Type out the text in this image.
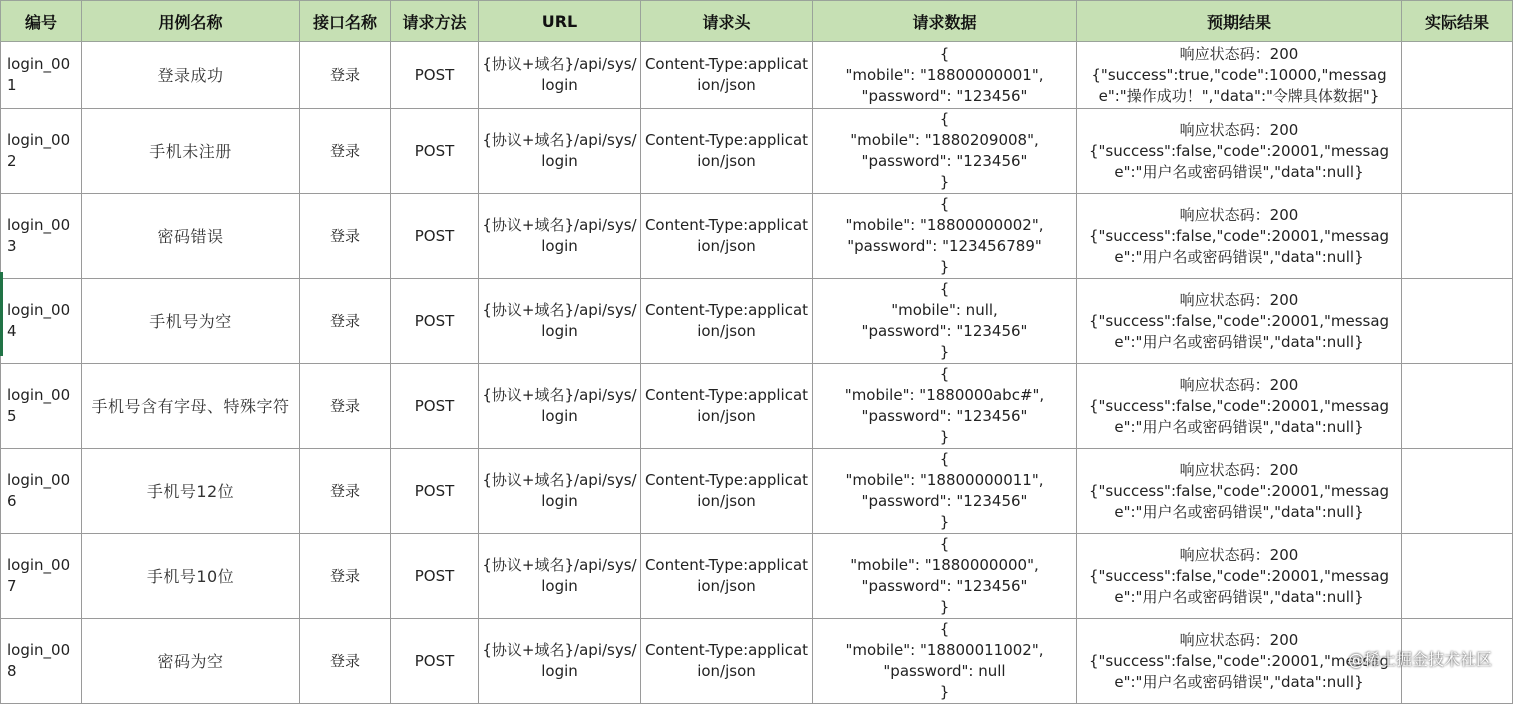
编号	用例名称	接口名称	请求方法	URL	请求头	请求数据	预期结果	实际结果
login_001	登录成功	登录	POST	{协议+域名}/api/sys/login	Content-Type:application/json	{
"mobile": "18800000001",
"password": "123456"	响应状态码：200
{"success":true,"code":10000,"message":"操作成功！","data":"令牌具体数据"}	
login_002	手机未注册	登录	POST	{协议+域名}/api/sys/login	Content-Type:application/json	{
"mobile": "1880209008",
"password": "123456"
}	响应状态码：200
{"success":false,"code":20001,"message":"用户名或密码错误","data":null}	
login_003	密码错误	登录	POST	{协议+域名}/api/sys/login	Content-Type:application/json	{
"mobile": "18800000002",
"password": "123456789"
}	响应状态码：200
{"success":false,"code":20001,"message":"用户名或密码错误","data":null}	
login_004	手机号为空	登录	POST	{协议+域名}/api/sys/login	Content-Type:application/json	{
"mobile": null,
"password": "123456"
}	响应状态码：200
{"success":false,"code":20001,"message":"用户名或密码错误","data":null}	
login_005	手机号含有字母、特殊字符	登录	POST	{协议+域名}/api/sys/login	Content-Type:application/json	{
"mobile": "1880000abc#",
"password": "123456"
}	响应状态码：200
{"success":false,"code":20001,"message":"用户名或密码错误","data":null}	
login_006	手机号12位	登录	POST	{协议+域名}/api/sys/login	Content-Type:application/json	{
"mobile": "18800000011",
"password": "123456"
}	响应状态码：200
{"success":false,"code":20001,"message":"用户名或密码错误","data":null}	
login_007	手机号10位	登录	POST	{协议+域名}/api/sys/login	Content-Type:application/json	{
"mobile": "1880000000",
"password": "123456"
}	响应状态码：200
{"success":false,"code":20001,"message":"用户名或密码错误","data":null}	
login_008	密码为空	登录	POST	{协议+域名}/api/sys/login	Content-Type:application/json	{
"mobile": "18800011002",
"password": null
}	响应状态码：200
{"success":false,"code":20001,"message":"用户名或密码错误","data":null}	
@稀土掘金技术社区
